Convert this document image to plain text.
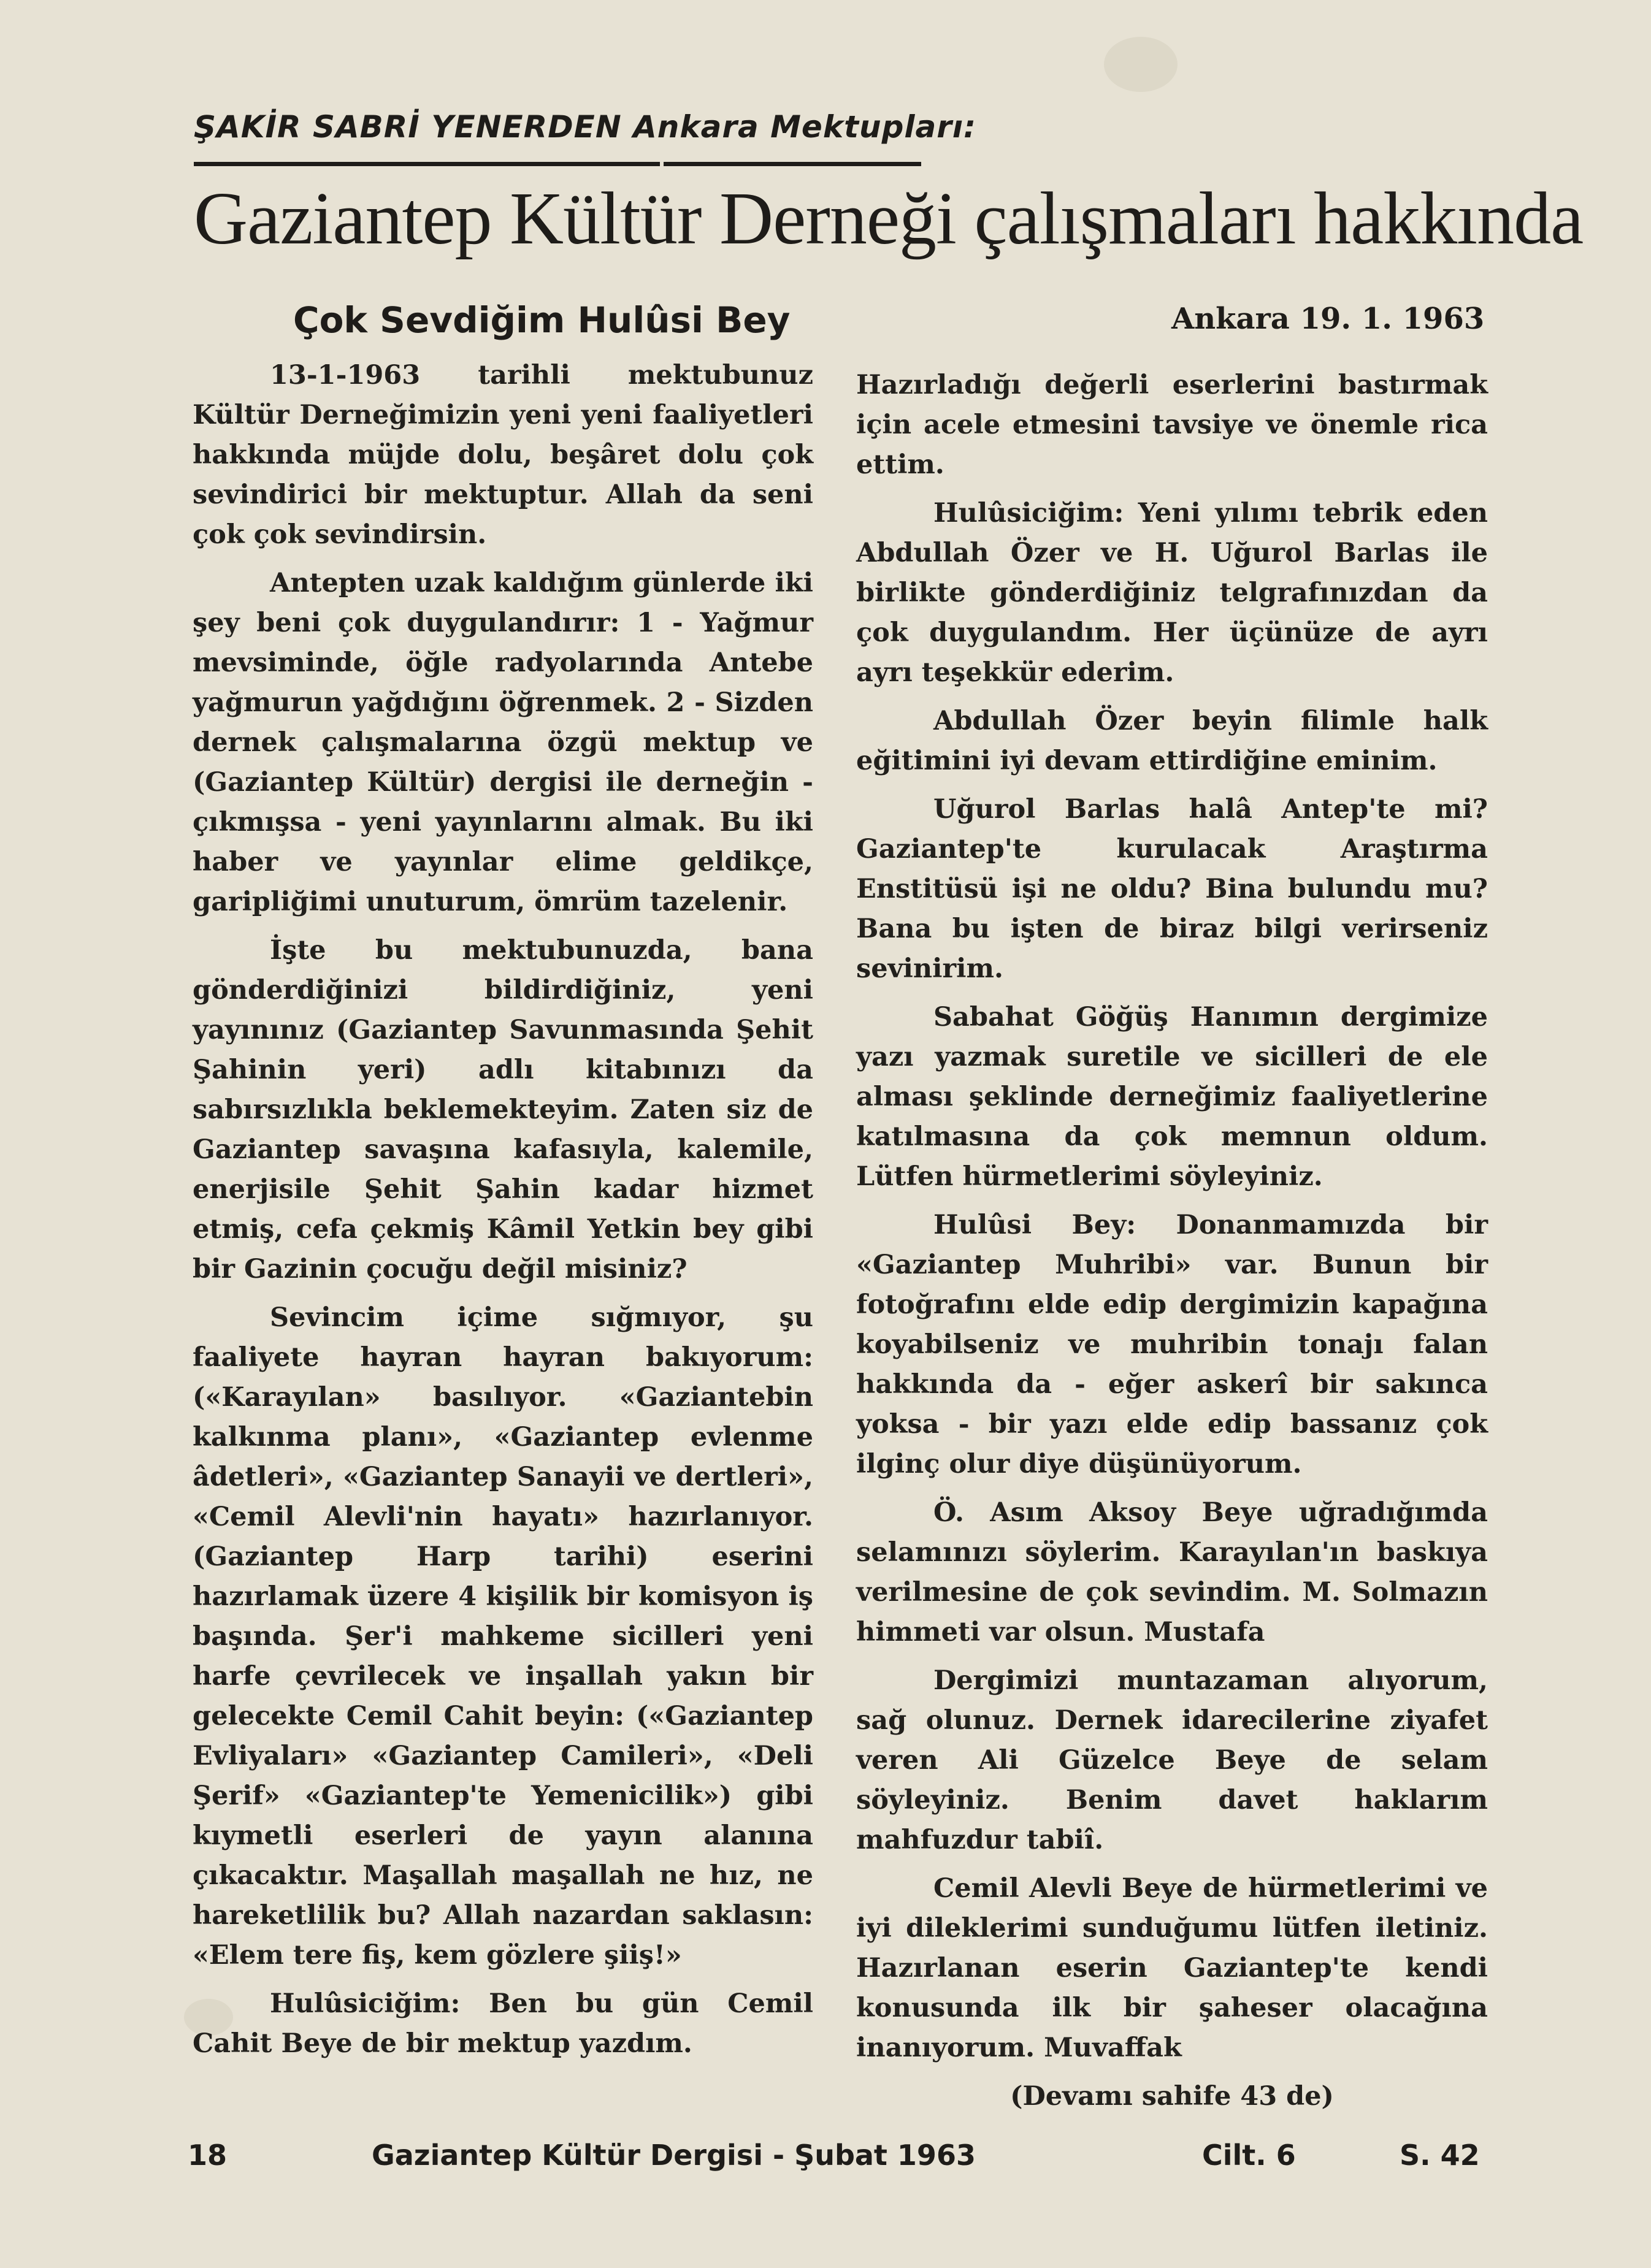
ŞAKİR SABRİ YENERDEN Ankara Mektupları:
Gaziantep Kültür Derneği çalışmaları hakkında
Çok Sevdiğim Hulûsi Bey	Ankara 19. 1. 1963

13-1-1963 tarihli mektubunuz Kültür Derneğimizin yeni yeni faaliyetleri hakkında müjde dolu, beşâret dolu çok sevindirici bir mektuptur. Allah da seni çok çok sevindirsin.

Antepten uzak kaldığım günlerde iki şey beni çok duygulandırır: 1 - Yağmur mevsiminde, öğle radyolarında Antebe yağmurun yağdığını öğrenmek. 2 - Sizden dernek çalışmalarına özgü mektup ve (Gaziantep Kültür) dergisi ile derneğin - çıkmışsa - yeni yayınlarını almak. Bu iki haber ve yayınlar elime geldikçe, garipliğimi unuturum, ömrüm tazelenir.

İşte bu mektubunuzda, bana gönderdiğinizi bildirdiğiniz, yeni yayınınız (Gaziantep Savunmasında Şehit Şahinin yeri) adlı kitabınızı da sabırsızlıkla beklemekteyim. Zaten siz de Gaziantep savaşına kafasıyla, kalemile, enerjisile Şehit Şahin kadar hizmet etmiş, cefa çekmiş Kâmil Yetkin bey gibi bir Gazinin çocuğu değil misiniz?

Sevincim içime sığmıyor, şu faaliyete hayran hayran bakıyorum: («Karayılan» basılıyor. «Gaziantebin kalkınma planı», «Gaziantep evlenme âdetleri», «Gaziantep Sanayii ve dertleri», «Cemil Alevli'nin hayatı» hazırlanıyor. (Gaziantep Harp tarihi) eserini hazırlamak üzere 4 kişilik bir komisyon iş başında. Şer'i mahkeme sicilleri yeni harfe çevrilecek ve inşallah yakın bir gelecekte Cemil Cahit beyin: («Gaziantep Evliyaları» «Gaziantep Camileri», «Deli Şerif» «Gaziantep'te Yemenicilik») gibi kıymetli eserleri de yayın alanına çıkacaktır. Maşallah maşallah ne hız, ne hareketlilik bu? Allah nazardan saklasın: «Elem tere fiş, kem gözlere şiiş!»

Hulûsiciğim: Ben bu gün Cemil Cahit Beye de bir mektup yazdım.

Hazırladığı değerli eserlerini bastırmak için acele etmesini tavsiye ve önemle rica ettim.

Hulûsiciğim: Yeni yılımı tebrik eden Abdullah Özer ve H. Uğurol Barlas ile birlikte gönderdiğiniz telgrafınızdan da çok duygulandım. Her üçünüze de ayrı ayrı teşekkür ederim.

Abdullah Özer beyin filimle halk eğitimini iyi devam ettirdiğine eminim.

Uğurol Barlas halâ Antep'te mi? Gaziantep'te kurulacak Araştırma Enstitüsü işi ne oldu? Bina bulundu mu? Bana bu işten de biraz bilgi verirseniz sevinirim.

Sabahat Göğüş Hanımın dergimize yazı yazmak suretile ve sicilleri de ele alması şeklinde derneğimiz faaliyetlerine katılmasına da çok memnun oldum. Lütfen hürmetlerimi söyleyiniz.

Hulûsi Bey: Donanmamızda bir «Gaziantep Muhribi» var. Bunun bir fotoğrafını elde edip dergimizin kapağına koyabilseniz ve muhribin tonajı falan hakkında da - eğer askerî bir sakınca yoksa - bir yazı elde edip bassanız çok ilginç olur diye düşünüyorum.

Ö. Asım Aksoy Beye uğradığımda selamınızı söylerim. Karayılan'ın baskıya verilmesine de çok sevindim. M. Solmazın himmeti var olsun. Mustafa

Dergimizi muntazaman alıyorum, sağ olunuz. Dernek idarecilerine ziyafet veren Ali Güzelce Beye de selam söyleyiniz. Benim davet haklarım mahfuzdur tabiî.

Cemil Alevli Beye de hürmetlerimi ve iyi dileklerimi sunduğumu lütfen iletiniz. Hazırlanan eserin Gaziantep'te kendi konusunda ilk bir şaheser olacağına inanıyorum. Muvaffak

(Devamı sahife 43 de)

18	Gaziantep Kültür Dergisi - Şubat 1963	Cilt. 6	S. 42
